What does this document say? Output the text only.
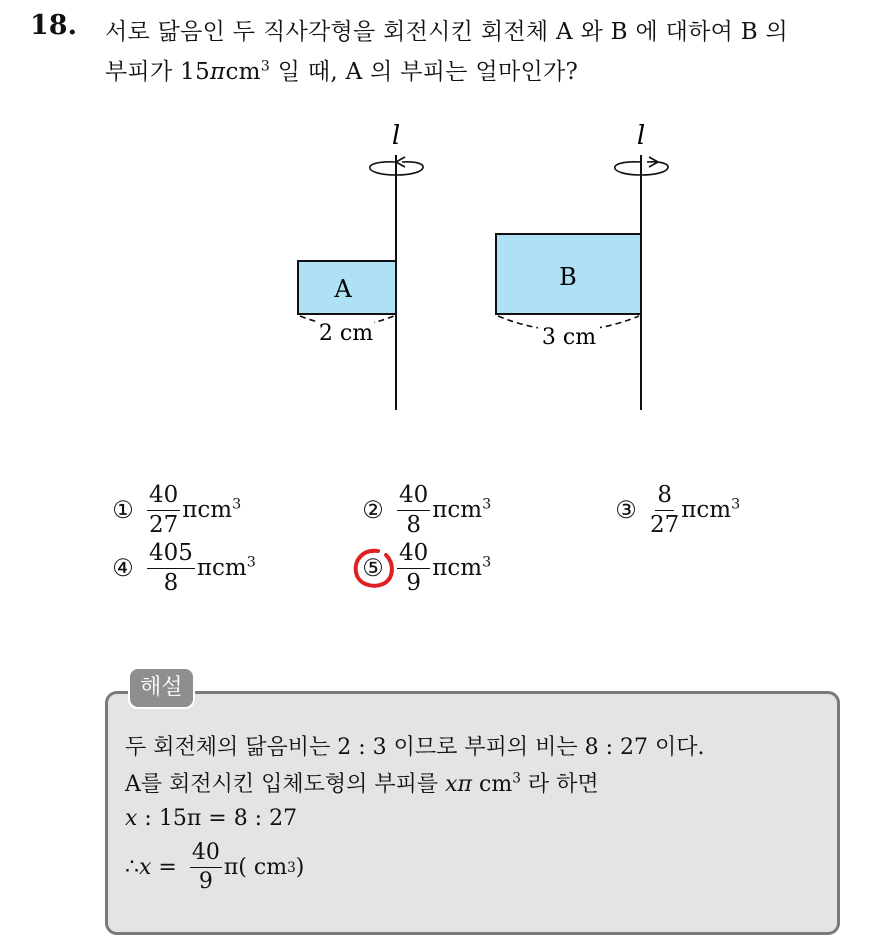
18. 서로 닮음인 두 직사각형을 회전시킨 회전체 A 와 B 에 대하여 B 의
부피가 15πcm$^3$ 일 때, A 의 부피는 얼마인가?
l
A
2 cm
l
B
3 cm
① $\frac{40}{27} \pi cm^3$	② $\frac{40}{8} \pi cm^3$	③ $\frac{8}{27} \pi cm^3$
④ $\frac{405}{8} \pi cm^3$	⑤ $\frac{40}{9} \pi cm^3$
해설
두 회전체의 닮음비는 2 : 3 이므로 부피의 비는 8 : 27 이다.
A를 회전시킨 입체도형의 부피를 xπ $cm^3$ 라 하면
x : 15π = 8 : 27
∴ $x = \frac{40}{9} \pi$( cm 3 )
